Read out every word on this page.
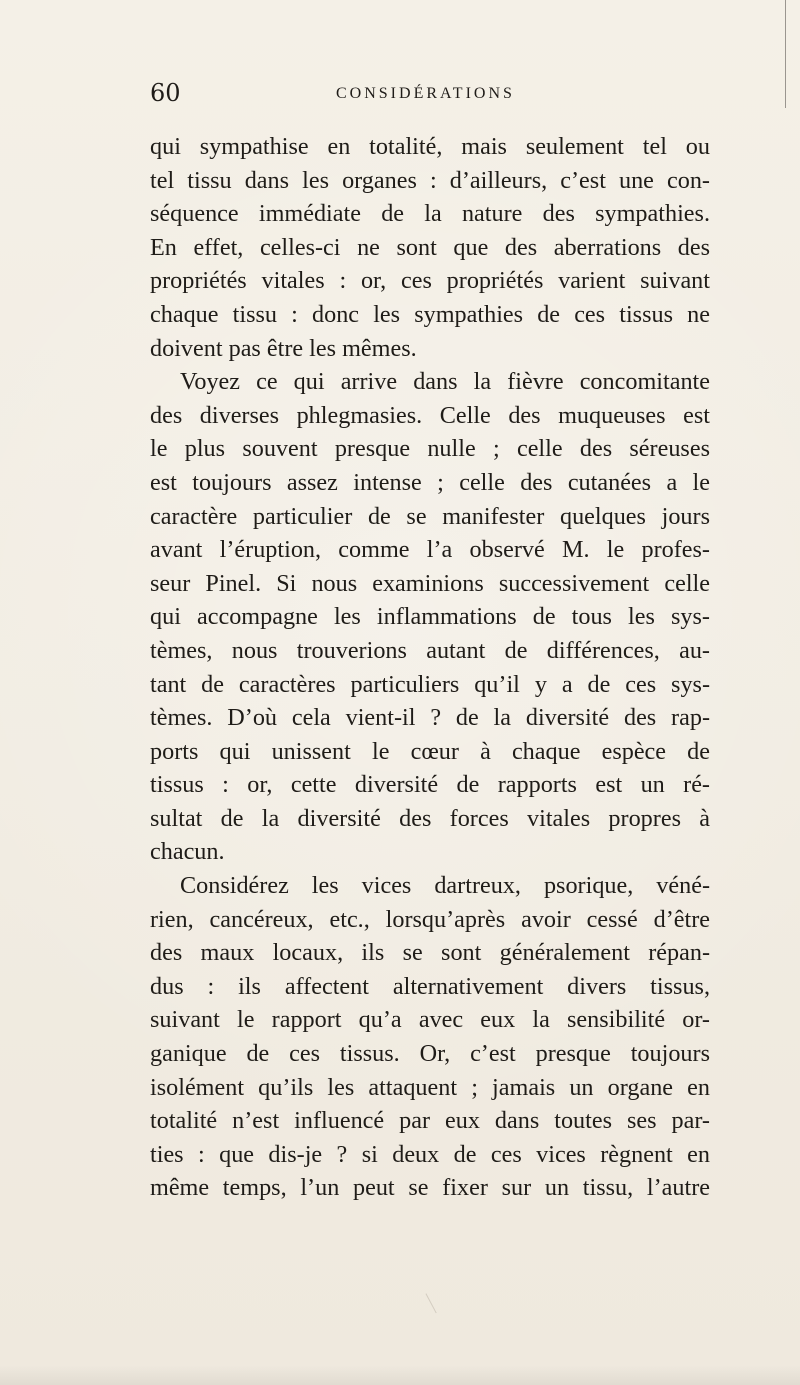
60	CONSIDÉRATIONS
qui sympathise en totalité, mais seulement tel ou
tel tissu dans les organes : d’ailleurs, c’est une con-
séquence immédiate de la nature des sympathies.
En effet, celles-ci ne sont que des aberrations des
propriétés vitales : or, ces propriétés varient suivant
chaque tissu : donc les sympathies de ces tissus ne
doivent pas être les mêmes.
Voyez ce qui arrive dans la fièvre concomitante
des diverses phlegmasies. Celle des muqueuses est
le plus souvent presque nulle ; celle des séreuses
est toujours assez intense ; celle des cutanées a le
caractère particulier de se manifester quelques jours
avant l’éruption, comme l’a observé M. le profes-
seur Pinel. Si nous examinions successivement celle
qui accompagne les inflammations de tous les sys-
tèmes, nous trouverions autant de différences, au-
tant de caractères particuliers qu’il y a de ces sys-
tèmes. D’où cela vient-il ? de la diversité des rap-
ports qui unissent le cœur à chaque espèce de
tissus : or, cette diversité de rapports est un ré-
sultat de la diversité des forces vitales propres à
chacun.
Considérez les vices dartreux, psorique, véné-
rien, cancéreux, etc., lorsqu’après avoir cessé d’être
des maux locaux, ils se sont généralement répan-
dus : ils affectent alternativement divers tissus,
suivant le rapport qu’a avec eux la sensibilité or-
ganique de ces tissus. Or, c’est presque toujours
isolément qu’ils les attaquent ; jamais un organe en
totalité n’est influencé par eux dans toutes ses par-
ties : que dis-je ? si deux de ces vices règnent en
même temps, l’un peut se fixer sur un tissu, l’autre
